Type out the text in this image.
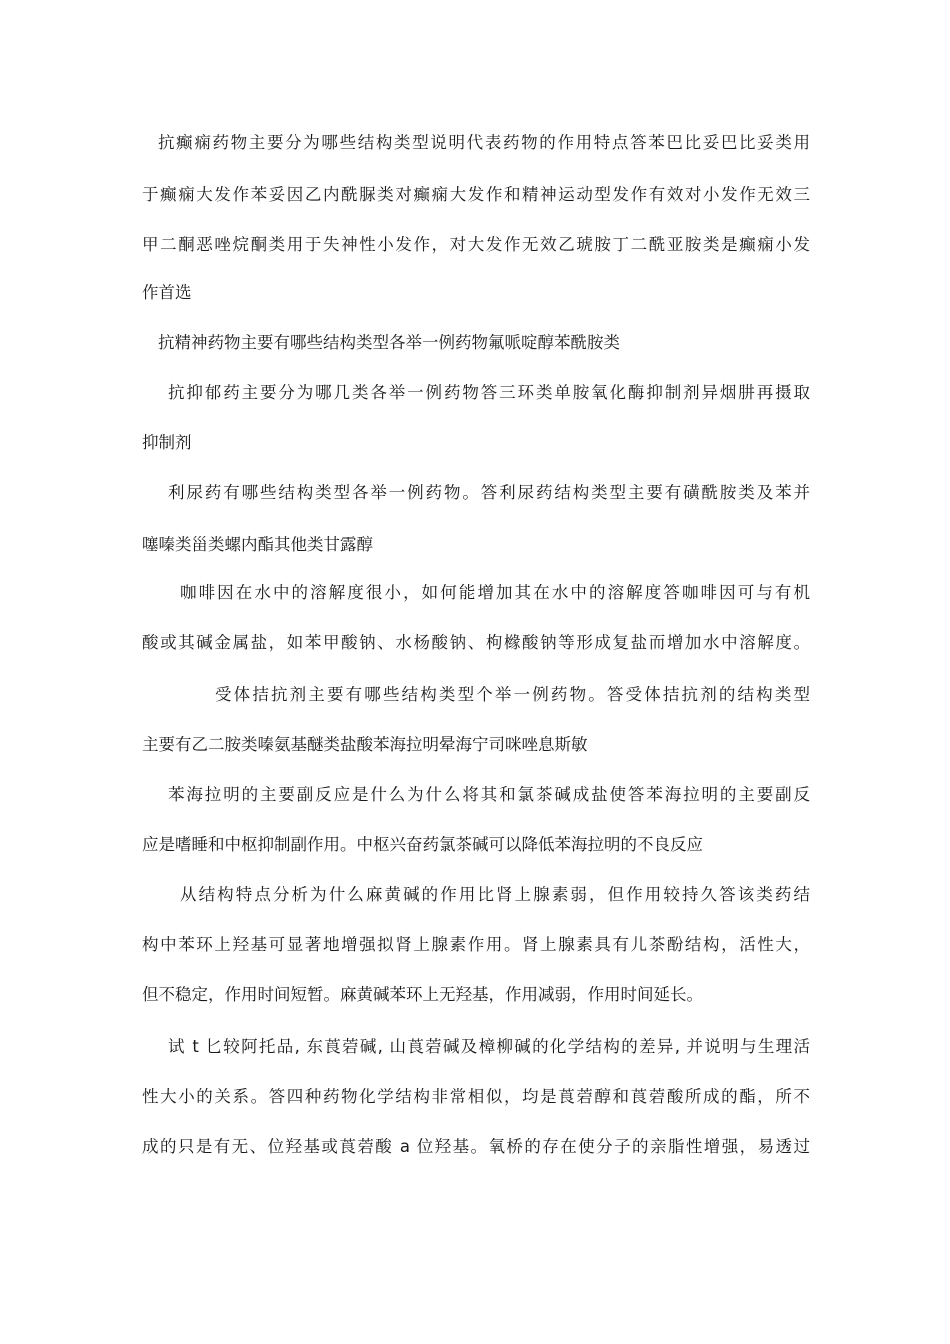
抗癫痫药物主要分为哪些结构类型说明代表药物的作用特点答苯巴比妥巴比妥类用
于癫痫大发作苯妥因乙内酰脲类对癫痫大发作和精神运动型发作有效对小发作无效三
甲二酮恶唑烷酮类用于失神性小发作，对大发作无效乙琥胺丁二酰亚胺类是癫痫小发
作首选
抗精神药物主要有哪些结构类型各举一例药物氟哌啶醇苯酰胺类
抗抑郁药主要分为哪几类各举一例药物答三环类单胺氧化酶抑制剂异烟肼再摄取
抑制剂
利尿药有哪些结构类型各举一例药物。答利尿药结构类型主要有磺酰胺类及苯并
噻嗪类甾类螺内酯其他类甘露醇
咖啡因在水中的溶解度很小，如何能增加其在水中的溶解度答咖啡因可与有机
酸或其碱金属盐，如苯甲酸钠、水杨酸钠、枸橼酸钠等形成复盐而增加水中溶解度。
受体拮抗剂主要有哪些结构类型个举一例药物。答受体拮抗剂的结构类型
主要有乙二胺类嗪氨基醚类盐酸苯海拉明晕海宁司咪唑息斯敏
苯海拉明的主要副反应是什么为什么将其和氯茶碱成盐使答苯海拉明的主要副反
应是嗜睡和中枢抑制副作用。中枢兴奋药氯茶碱可以降低苯海拉明的不良反应
从结构特点分析为什么麻黄碱的作用比肾上腺素弱，但作用较持久答该类药结
构中苯环上羟基可显著地增强拟肾上腺素作用。肾上腺素具有儿茶酚结构，活性大，
但不稳定，作用时间短暂。麻黄碱苯环上无羟基，作用减弱，作用时间延长。
试 t 匕较阿托品, 东莨菪碱, 山莨菪碱及樟柳碱的化学结构的差异, 并说明与生理活
性大小的关系。答四种药物化学结构非常相似，均是莨菪醇和莨菪酸所成的酯，所不
成的只是有无、位羟基或莨菪酸 a 位羟基。氧桥的存在使分子的亲脂性增强，易透过
